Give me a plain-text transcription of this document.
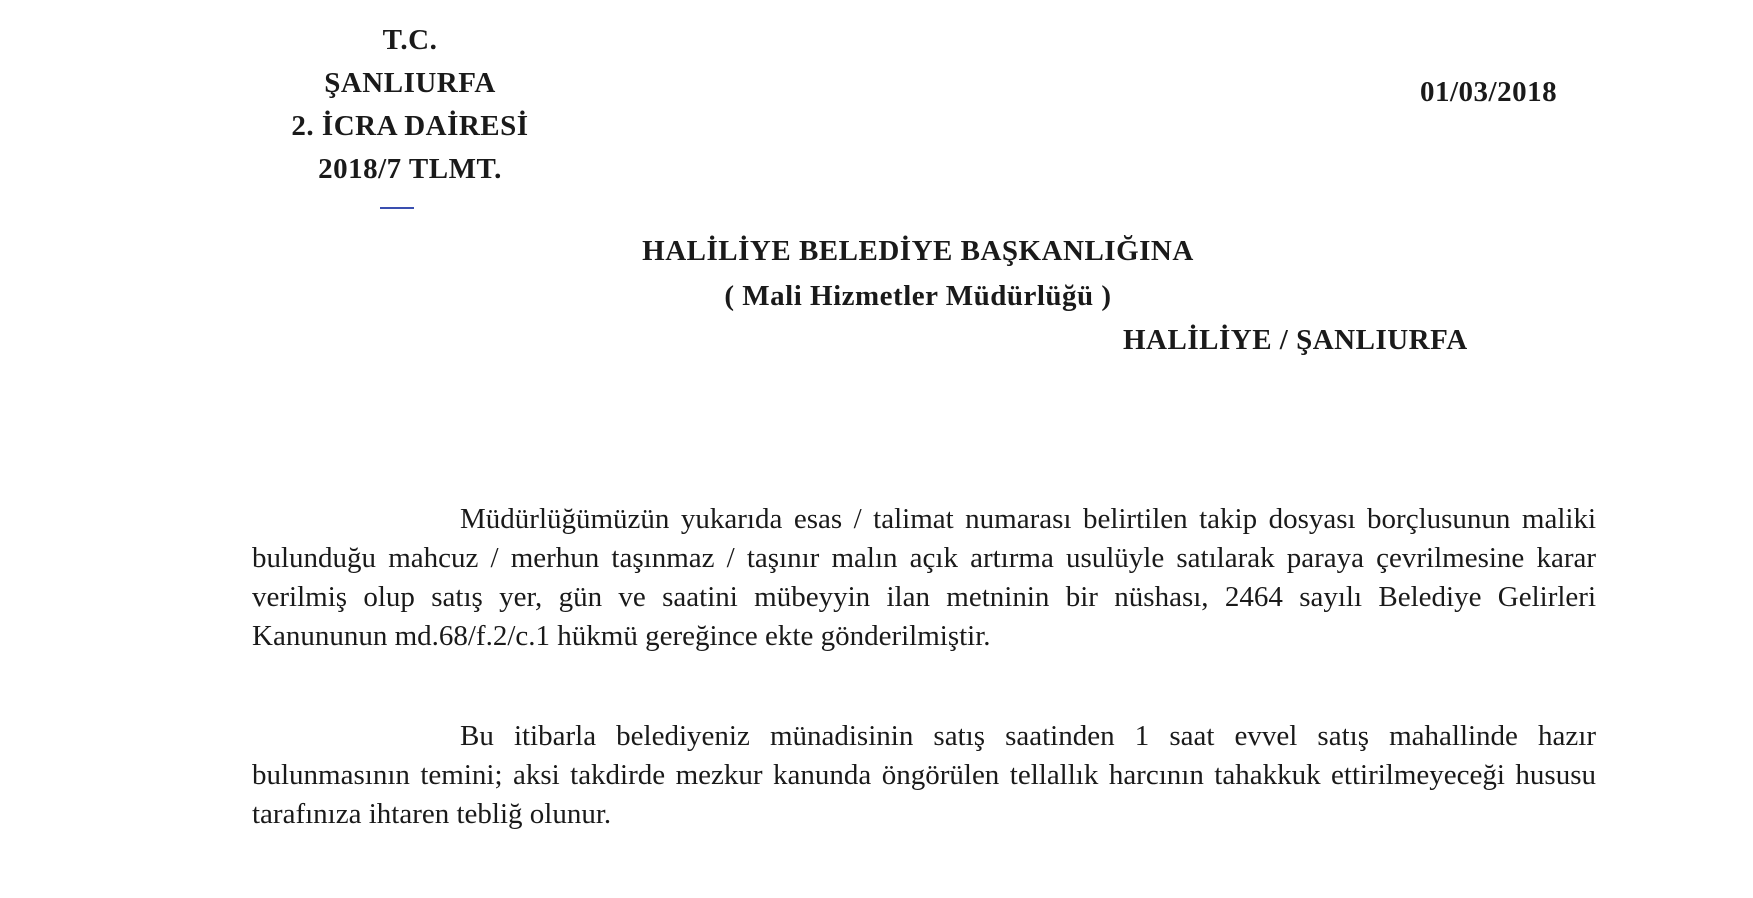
T.C.
ŞANLIURFA
2. İCRA DAİRESİ
2018/7 TLMT.
01/03/2018
HALİLİYE BELEDİYE BAŞKANLIĞINA
( Mali Hizmetler Müdürlüğü )
HALİLİYE / ŞANLIURFA

Müdürlüğümüzün yukarıda esas / talimat numarası belirtilen takip dosyası borçlusunun maliki bulunduğu mahcuz / merhun taşınmaz / taşınır malın açık artırma usulüyle satılarak paraya çevrilmesine karar verilmiş olup satış yer, gün ve saatini mübeyyin ilan metninin bir nüshası, 2464 sayılı Belediye Gelirleri Kanununun md.68/f.2/c.1 hükmü gereğince ekte gönderilmiştir.

Bu itibarla belediyeniz münadisinin satış saatinden 1 saat evvel satış mahallinde hazır bulunmasının temini; aksi takdirde mezkur kanunda öngörülen tellallık harcının tahakkuk ettirilmeyeceği hususu tarafınıza ihtaren tebliğ olunur.
